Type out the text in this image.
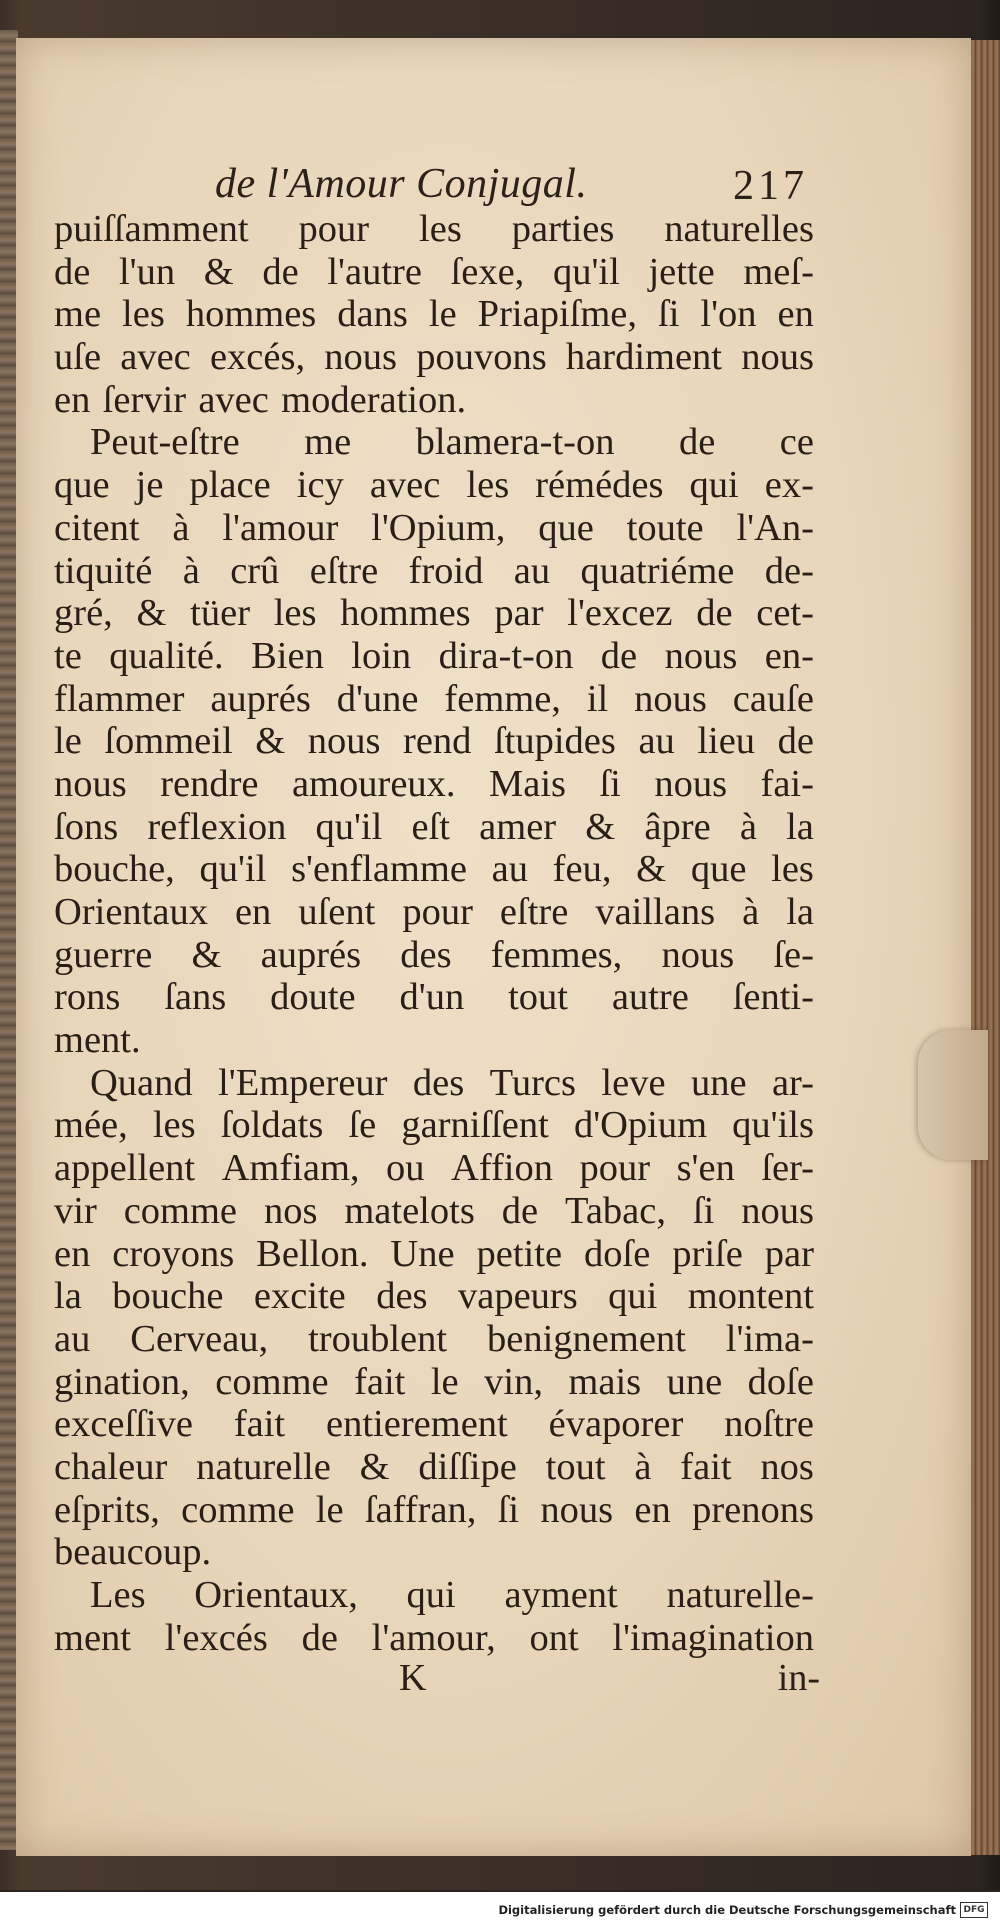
de l'Amour Conjugal.	217
puiſſamment pour les parties naturelles
de l'un & de l'autre ſexe, qu'il jette meſ-
me les hommes dans le Priapiſme, ſi l'on en
uſe avec excés, nous pouvons hardiment nous
en ſervir avec moderation.
Peut-eſtre me blamera-t-on de ce
que je place icy avec les rémédes qui ex-
citent à l'amour l'Opium, que toute l'An-
tiquité à crû eſtre froid au quatriéme de-
gré, & tüer les hommes par l'excez de cet-
te qualité. Bien loin dira-t-on de nous en-
flammer auprés d'une femme, il nous cauſe
le ſommeil & nous rend ſtupides au lieu de
nous rendre amoureux. Mais ſi nous fai-
ſons reflexion qu'il eſt amer & âpre à la
bouche, qu'il s'enflamme au feu, & que les
Orientaux en uſent pour eſtre vaillans à la
guerre & auprés des femmes, nous ſe-
rons ſans doute d'un tout autre ſenti-
ment.
Quand l'Empereur des Turcs leve une ar-
mée, les ſoldats ſe garniſſent d'Opium qu'ils
appellent Amfiam, ou Affion pour s'en ſer-
vir comme nos matelots de Tabac, ſi nous
en croyons Bellon. Une petite doſe priſe par
la bouche excite des vapeurs qui montent
au Cerveau, troublent benignement l'ima-
gination, comme fait le vin, mais une doſe
exceſſive fait entierement évaporer noſtre
chaleur naturelle & diſſipe tout à fait nos
eſprits, comme le ſaffran, ſi nous en prenons
beaucoup.
Les Orientaux, qui ayment naturelle-
ment l'excés de l'amour, ont l'imagination
K	in-
Digitalisierung gefördert durch die Deutsche Forschungsgemeinschaft DFG
